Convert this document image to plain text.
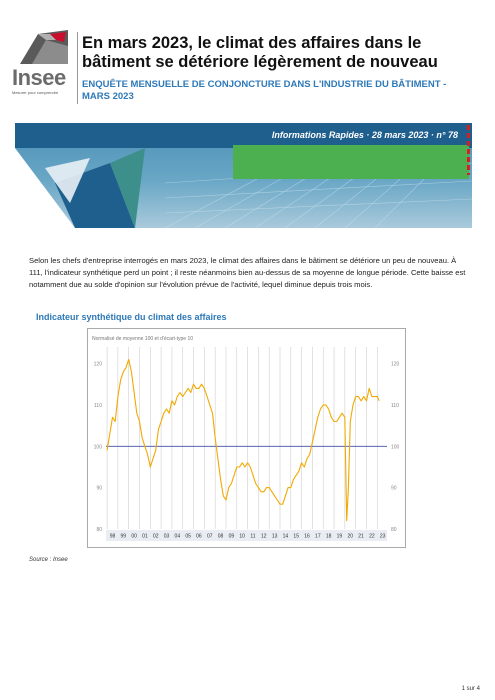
Insee
Mesurer pour comprendre
En mars 2023, le climat des affaires dans le bâtiment se détériore légèrement de nouveau
ENQUÊTE MENSUELLE DE CONJONCTURE DANS L'INDUSTRIE DU BÂTIMENT - MARS 2023
Informations Rapides · 28 mars 2023 · n° 78

Selon les chefs d'entreprise interrogés en mars 2023, le climat des affaires dans le bâtiment se détériore un peu de nouveau. À 111, l'indicateur synthétique perd un point ; il reste néanmoins bien au-dessus de sa moyenne de longue période. Cette baisse est notamment due au solde d'opinion sur l'évolution prévue de l'activité, lequel diminue depuis trois mois.

Indicateur synthétique du climat des affaires
Normalisé de moyenne 100 et d'écart-type 10
80	80
90	90
100	100
110	110
120	120
98 99 00 01 02 03 04 05 06 07 08 09 10 11 12 13 14 15 16 17 18 19 20 21 22 23
Source : Insee
1 sur 4
